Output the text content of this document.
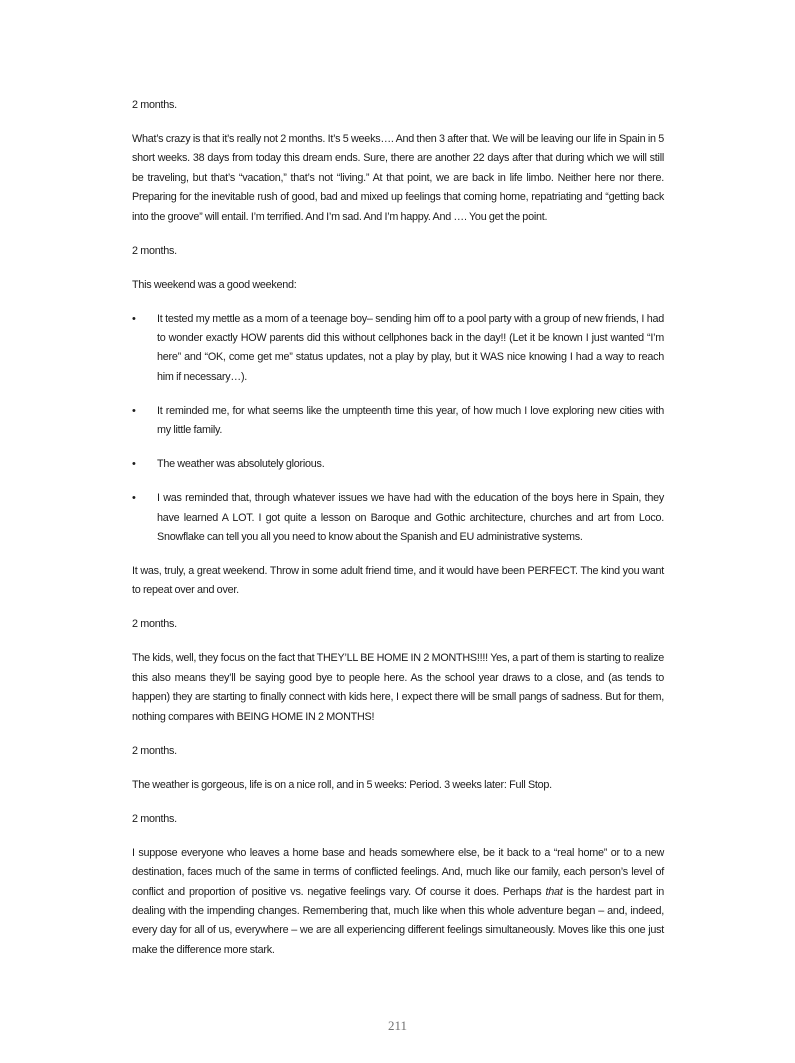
2 months.

What’s crazy is that it’s really not 2 months. It’s 5 weeks…. And then 3 after that. We will be leaving our life in Spain in 5 short weeks. 38 days from today this dream ends. Sure, there are another 22 days after that during which we will still be traveling, but that’s “vacation,” that’s not “living.” At that point, we are back in life limbo. Neither here nor there. Preparing for the inevitable rush of good, bad and mixed up feelings that coming home, repatriating and “getting back into the groove” will entail. I’m terrified. And I’m sad. And I’m happy. And …. You get the point.

2 months.

This weekend was a good weekend:

• It tested my mettle as a mom of a teenage boy– sending him off to a pool party with a group of new friends, I had to wonder exactly HOW parents did this without cellphones back in the day!! (Let it be known I just wanted “I’m here” and “OK, come get me” status updates, not a play by play, but it WAS nice knowing I had a way to reach him if necessary…).
• It reminded me, for what seems like the umpteenth time this year, of how much I love exploring new cities with my little family.
• The weather was absolutely glorious.
• I was reminded that, through whatever issues we have had with the education of the boys here in Spain, they have learned A LOT. I got quite a lesson on Baroque and Gothic architecture, churches and art from Loco. Snowflake can tell you all you need to know about the Spanish and EU administrative systems.

It was, truly, a great weekend. Throw in some adult friend time, and it would have been PERFECT. The kind you want to repeat over and over.

2 months.

The kids, well, they focus on the fact that THEY’LL BE HOME IN 2 MONTHS!!!! Yes, a part of them is starting to realize this also means they’ll be saying good bye to people here. As the school year draws to a close, and (as tends to happen) they are starting to finally connect with kids here, I expect there will be small pangs of sadness. But for them, nothing compares with BEING HOME IN 2 MONTHS!

2 months.

The weather is gorgeous, life is on a nice roll, and in 5 weeks: Period. 3 weeks later: Full Stop.

2 months.

I suppose everyone who leaves a home base and heads somewhere else, be it back to a “real home” or to a new destination, faces much of the same in terms of conflicted feelings. And, much like our family, each person’s level of conflict and proportion of positive vs. negative feelings vary. Of course it does. Perhaps that is the hardest part in dealing with the impending changes. Remembering that, much like when this whole adventure began – and, indeed, every day for all of us, everywhere – we are all experiencing different feelings simultaneously. Moves like this one just make the difference more stark.

211
